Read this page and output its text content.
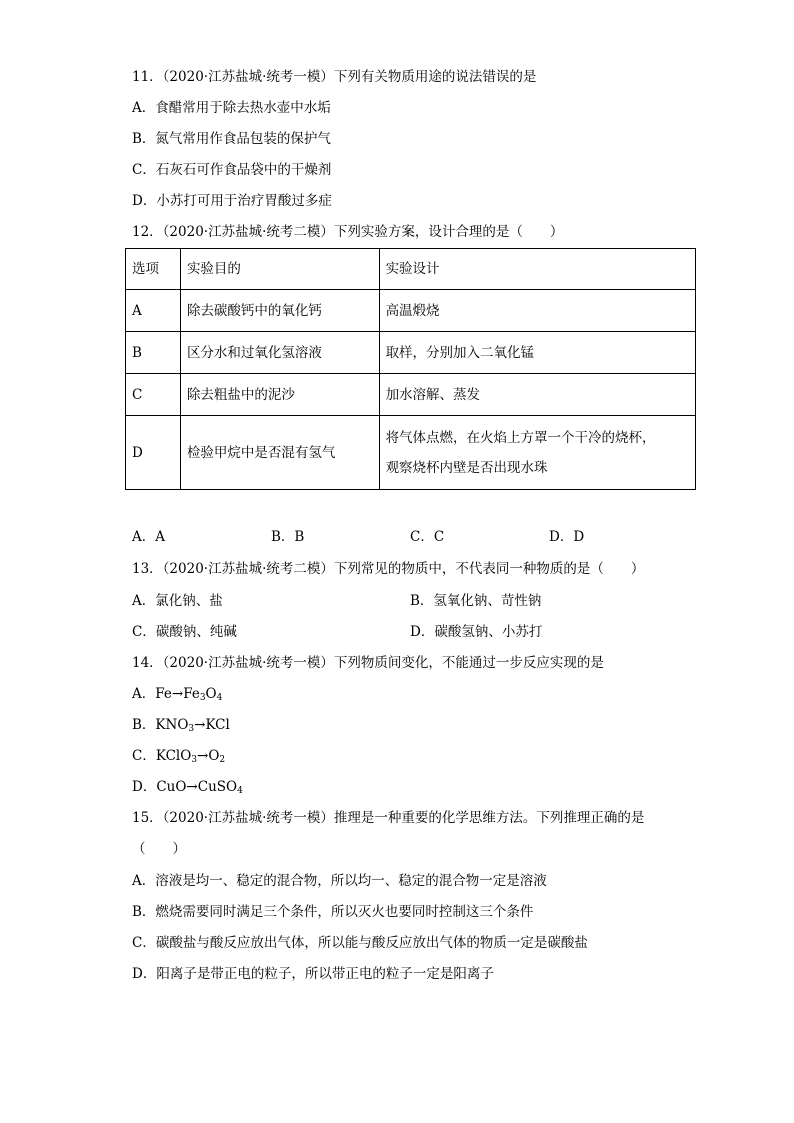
11．（2020·江苏盐城·统考一模）下列有关物质用途的说法错误的是
A．食醋常用于除去热水壶中水垢
B．氮气常用作食品包装的保护气
C．石灰石可作食品袋中的干燥剂
D．小苏打可用于治疗胃酸过多症
12．（2020·江苏盐城·统考二模）下列实验方案，设计合理的是（　　）
选项	实验目的	实验设计
A	除去碳酸钙中的氧化钙	高温煅烧
B	区分水和过氧化氢溶液	取样，分别加入二氧化锰
C	除去粗盐中的泥沙	加水溶解、蒸发
D	检验甲烷中是否混有氢气	将气体点燃，在火焰上方罩一个干冷的烧杯，
观察烧杯内壁是否出现水珠
A．A	B．B	C．C	D．D
13．（2020·江苏盐城·统考二模）下列常见的物质中，不代表同一种物质的是（　　）
A．氯化钠、盐	B．氢氧化钠、苛性钠
C．碳酸钠、纯碱	D．碳酸氢钠、小苏打
14．（2020·江苏盐城·统考一模）下列物质间变化，不能通过一步反应实现的是
A．$Fe\to Fe_3O_4$
B．$KNO_3\to KCl$
C．$KClO_3\to O_2$
D．CuO→CuSO$_4$
15．（2020·江苏盐城·统考一模）推理是一种重要的化学思维方法。下列推理正确的是
（　　）
A．溶液是均一、稳定的混合物，所以均一、稳定的混合物一定是溶液
B．燃烧需要同时满足三个条件，所以灭火也要同时控制这三个条件
C．碳酸盐与酸反应放出气体，所以能与酸反应放出气体的物质一定是碳酸盐
D．阳离子是带正电的粒子，所以带正电的粒子一定是阳离子
